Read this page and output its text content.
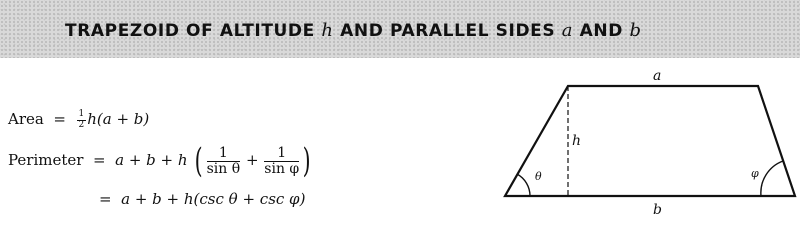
TRAPEZOID OF ALTITUDE h AND PARALLEL SIDES a AND b
Area = $\frac{1}{2} h(a + b)$
Perimeter = a + b + h ( $\frac{1}{\text{sin θ}} + \frac{1}{\text{sin φ}}$ )
= a + b + h(csc θ + csc φ)
a
b
h
θ	φ
